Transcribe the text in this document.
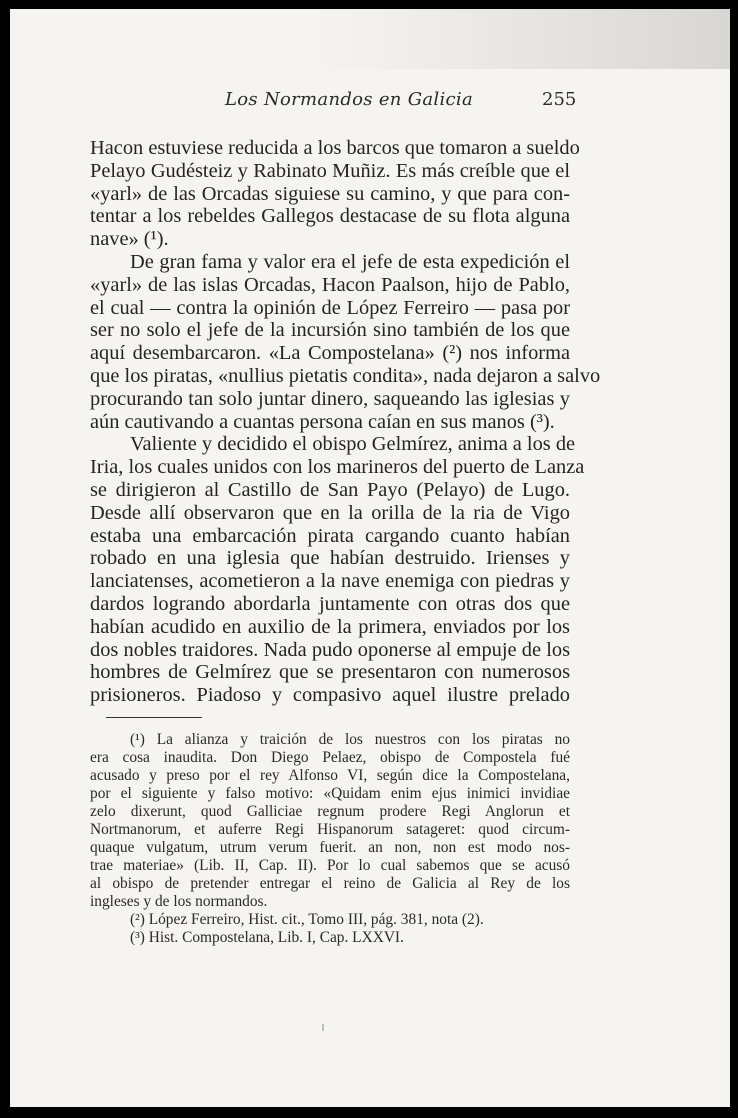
Los Normandos en Galicia	255
Hacon estuviese reducida a los barcos que tomaron a sueldo
Pelayo Gudésteiz y Rabinato Muñiz. Es más creíble que el
«yarl» de las Orcadas siguiese su camino, y que para con-
tentar a los rebeldes Gallegos destacase de su flota alguna
nave» (¹).
De gran fama y valor era el jefe de esta expedición el
«yarl» de las islas Orcadas, Hacon Paalson, hijo de Pablo,
el cual — contra la opinión de López Ferreiro — pasa por
ser no solo el jefe de la incursión sino también de los que
aquí desembarcaron. «La Compostelana» (²) nos informa
que los piratas, «nullius pietatis condita», nada dejaron a salvo
procurando tan solo juntar dinero, saqueando las iglesias y
aún cautivando a cuantas persona caían en sus manos (³).
Valiente y decidido el obispo Gelmírez, anima a los de
Iria, los cuales unidos con los marineros del puerto de Lanza
se dirigieron al Castillo de San Payo (Pelayo) de Lugo.
Desde allí observaron que en la orilla de la ria de Vigo
estaba una embarcación pirata cargando cuanto habían
robado en una iglesia que habían destruido. Irienses y
lanciatenses, acometieron a la nave enemiga con piedras y
dardos logrando abordarla juntamente con otras dos que
habían acudido en auxilio de la primera, enviados por los
dos nobles traidores. Nada pudo oponerse al empuje de los
hombres de Gelmírez que se presentaron con numerosos
prisioneros. Piadoso y compasivo aquel ilustre prelado
(¹) La alianza y traición de los nuestros con los piratas no
era cosa inaudita. Don Diego Pelaez, obispo de Compostela fué
acusado y preso por el rey Alfonso VI, según dice la Compostelana,
por el siguiente y falso motivo: «Quidam enim ejus inimici invidiae
zelo dixerunt, quod Galliciae regnum prodere Regi Anglorun et
Nortmanorum, et auferre Regi Hispanorum satageret: quod circum-
quaque vulgatum, utrum verum fuerit. an non, non est modo nos-
trae materiae» (Lib. II, Cap. II). Por lo cual sabemos que se acusó
al obispo de pretender entregar el reino de Galicia al Rey de los
ingleses y de los normandos.
(²) López Ferreiro, Hist. cit., Tomo III, pág. 381, nota (2).
(³) Hist. Compostelana, Lib. I, Cap. LXXVI.
